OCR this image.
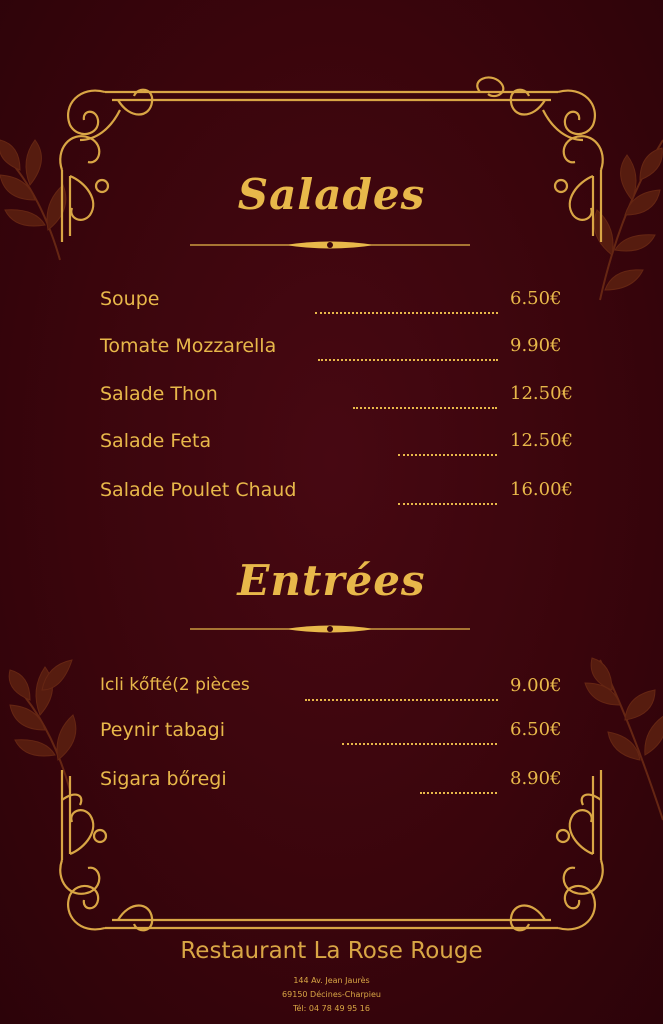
Salades
Soupe	6.50€
Tomate Mozzarella	9.90€
Salade Thon	12.50€
Salade Feta	12.50€
Salade Poulet Chaud	16.00€
Entrées
Icli kőfté(2 pièces	9.00€
Peynir tabagi	6.50€
Sigara bőregi	8.90€
Restaurant La Rose Rouge
144 Av. Jean Jaurès
69150 Décines-Charpieu
Tél: 04 78 49 95 16
